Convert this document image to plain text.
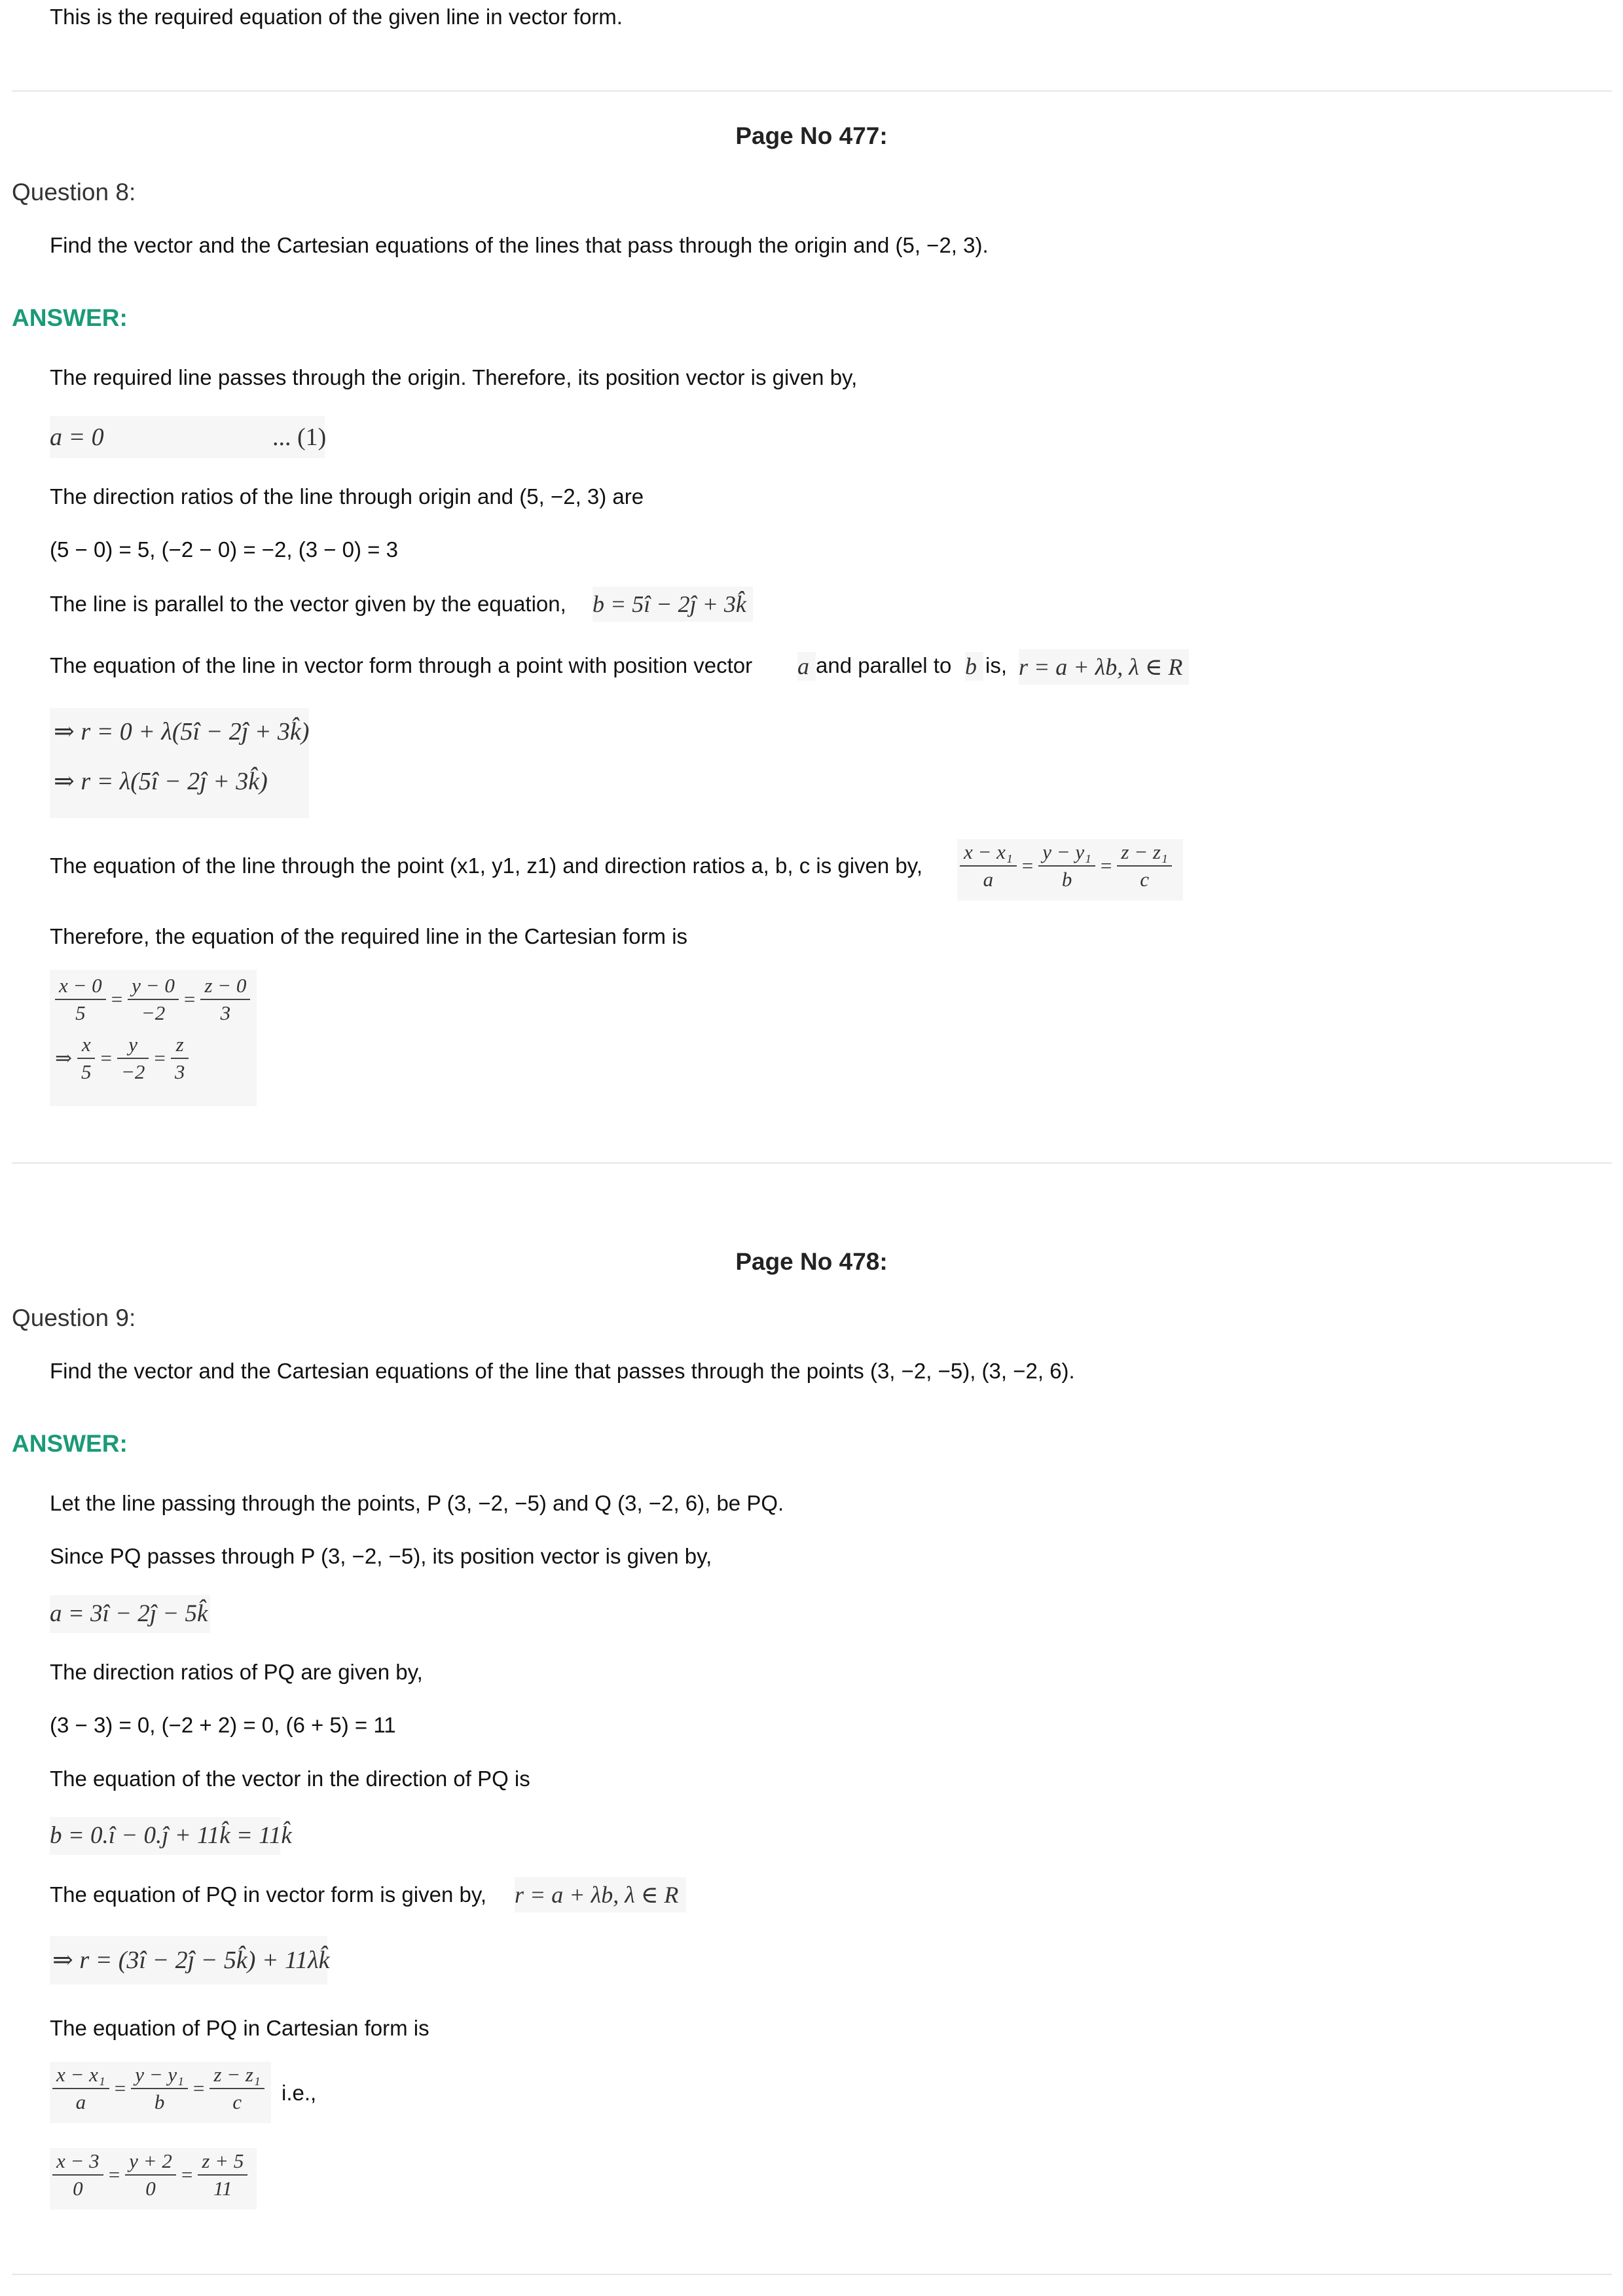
This is the required equation of the given line in vector form.
Page No 477:
Question 8:
Find the vector and the Cartesian equations of the lines that pass through the origin and (5, −2, 3).
ANSWER:
The required line passes through the origin. Therefore, its position vector is given by,
a = 0	... (1)
The direction ratios of the line through origin and (5, −2, 3) are
(5 − 0) = 5, (−2 − 0) = −2, (3 − 0) = 3
The line is parallel to the vector given by the equation, b = 5î − 2ĵ + 3k̂
The equation of the line in vector form through a point with position vector a and parallel to b is, r = a + λb, λ ∈ R
⇒ r = 0 + λ(5î − 2ĵ + 3k̂)
⇒ r = λ(5î − 2ĵ + 3k̂)
The equation of the line through the point (x1, y1, z1) and direction ratios a, b, c is given by, $\frac{\text{x − x₁}}{a} = \frac{\text{y − y₁}}{b} = \frac{\text{z − z₁}}{c}$
Therefore, the equation of the required line in the Cartesian form is
$\frac{x - 0}{5} = \frac{y - 0}{-2} = \frac{z - 0}{3}$
⇒ $\frac{x}{5} = \frac{y}{-2} = \frac{z}{3}$
Page No 478:
Question 9:
Find the vector and the Cartesian equations of the line that passes through the points (3, −2, −5), (3, −2, 6).
ANSWER:
Let the line passing through the points, P (3, −2, −5) and Q (3, −2, 6), be PQ.
Since PQ passes through P (3, −2, −5), its position vector is given by,
a = 3î − 2ĵ − 5k̂
The direction ratios of PQ are given by,
(3 − 3) = 0, (−2 + 2) = 0, (6 + 5) = 11
The equation of the vector in the direction of PQ is
b = 0.î − 0.ĵ + 11k̂ = 11k̂
The equation of PQ in vector form is given by, r = a + λb, λ ∈ R
⇒ r = (3î − 2ĵ − 5k̂) + 11λk̂
The equation of PQ in Cartesian form is
$\frac{\text{x − x₁}}{a} = \frac{\text{y − y₁}}{b} = \frac{\text{z − z₁}}{c} i.e$.,
$\frac{x - 3}{0} = \frac{y + 2}{0} = \frac{z + 5}{11}$
